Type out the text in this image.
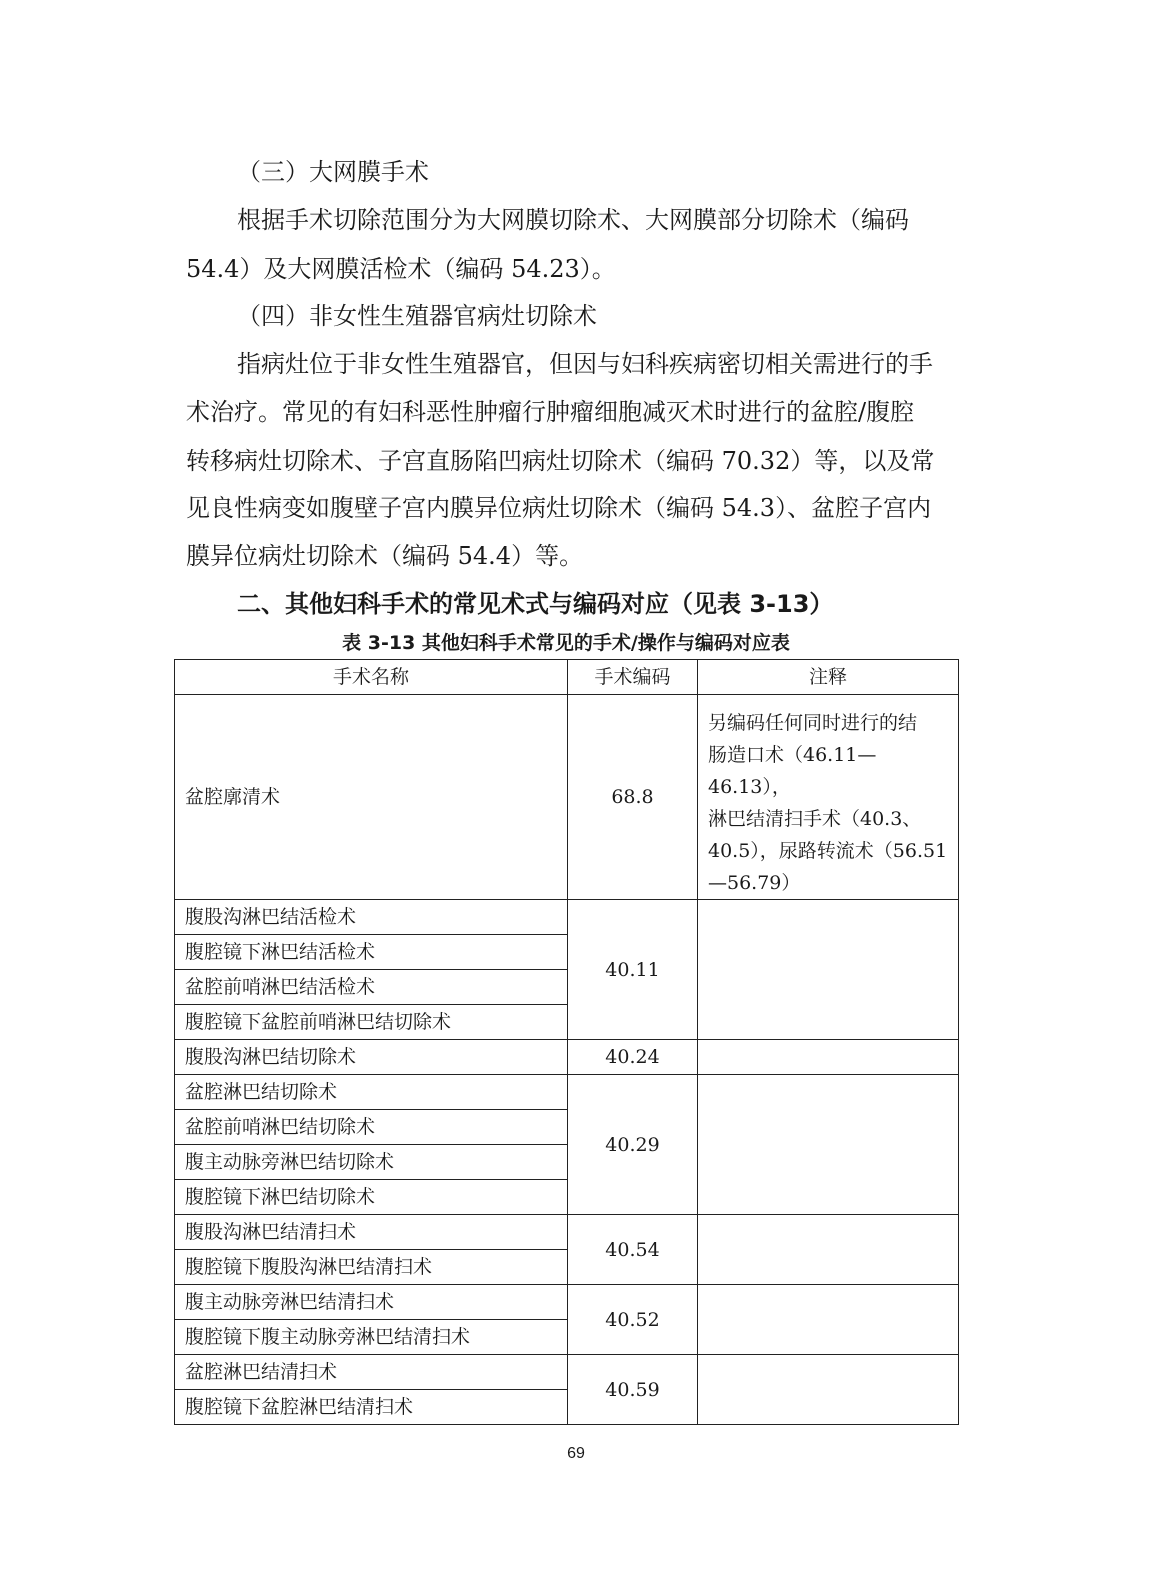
（三）大网膜手术
根据手术切除范围分为大网膜切除术、大网膜部分切除术（编码
54.4）及大网膜活检术（编码 54.23）。
（四）非女性生殖器官病灶切除术
指病灶位于非女性生殖器官，但因与妇科疾病密切相关需进行的手
术治疗。常见的有妇科恶性肿瘤行肿瘤细胞减灭术时进行的盆腔/腹腔
转移病灶切除术、子宫直肠陷凹病灶切除术（编码 70.32）等，以及常
见良性病变如腹壁子宫内膜异位病灶切除术（编码 54.3）、盆腔子宫内
膜异位病灶切除术（编码 54.4）等。
二、其他妇科手术的常见术式与编码对应（见表 3-13）
表 3-13 其他妇科手术常见的手术/操作与编码对应表
手术名称	手术编码	注释
盆腔廓清术	68.8	另编码任何同时进行的结
肠造口术（46.11—46.13），
淋巴结清扫手术（40.3、
40.5），尿路转流术（56.51
—56.79）

腹股沟淋巴结活检术	40.11	
腹腔镜下淋巴结活检术		
盆腔前哨淋巴结活检术		
腹腔镜下盆腔前哨淋巴结切除术		
腹股沟淋巴结切除术	40.24	
盆腔淋巴结切除术	40.29	
盆腔前哨淋巴结切除术		
腹主动脉旁淋巴结切除术		
腹腔镜下淋巴结切除术		
腹股沟淋巴结清扫术	40.54	
腹腔镜下腹股沟淋巴结清扫术		
腹主动脉旁淋巴结清扫术	40.52	
腹腔镜下腹主动脉旁淋巴结清扫术		
盆腔淋巴结清扫术	40.59	
腹腔镜下盆腔淋巴结清扫术		
69
